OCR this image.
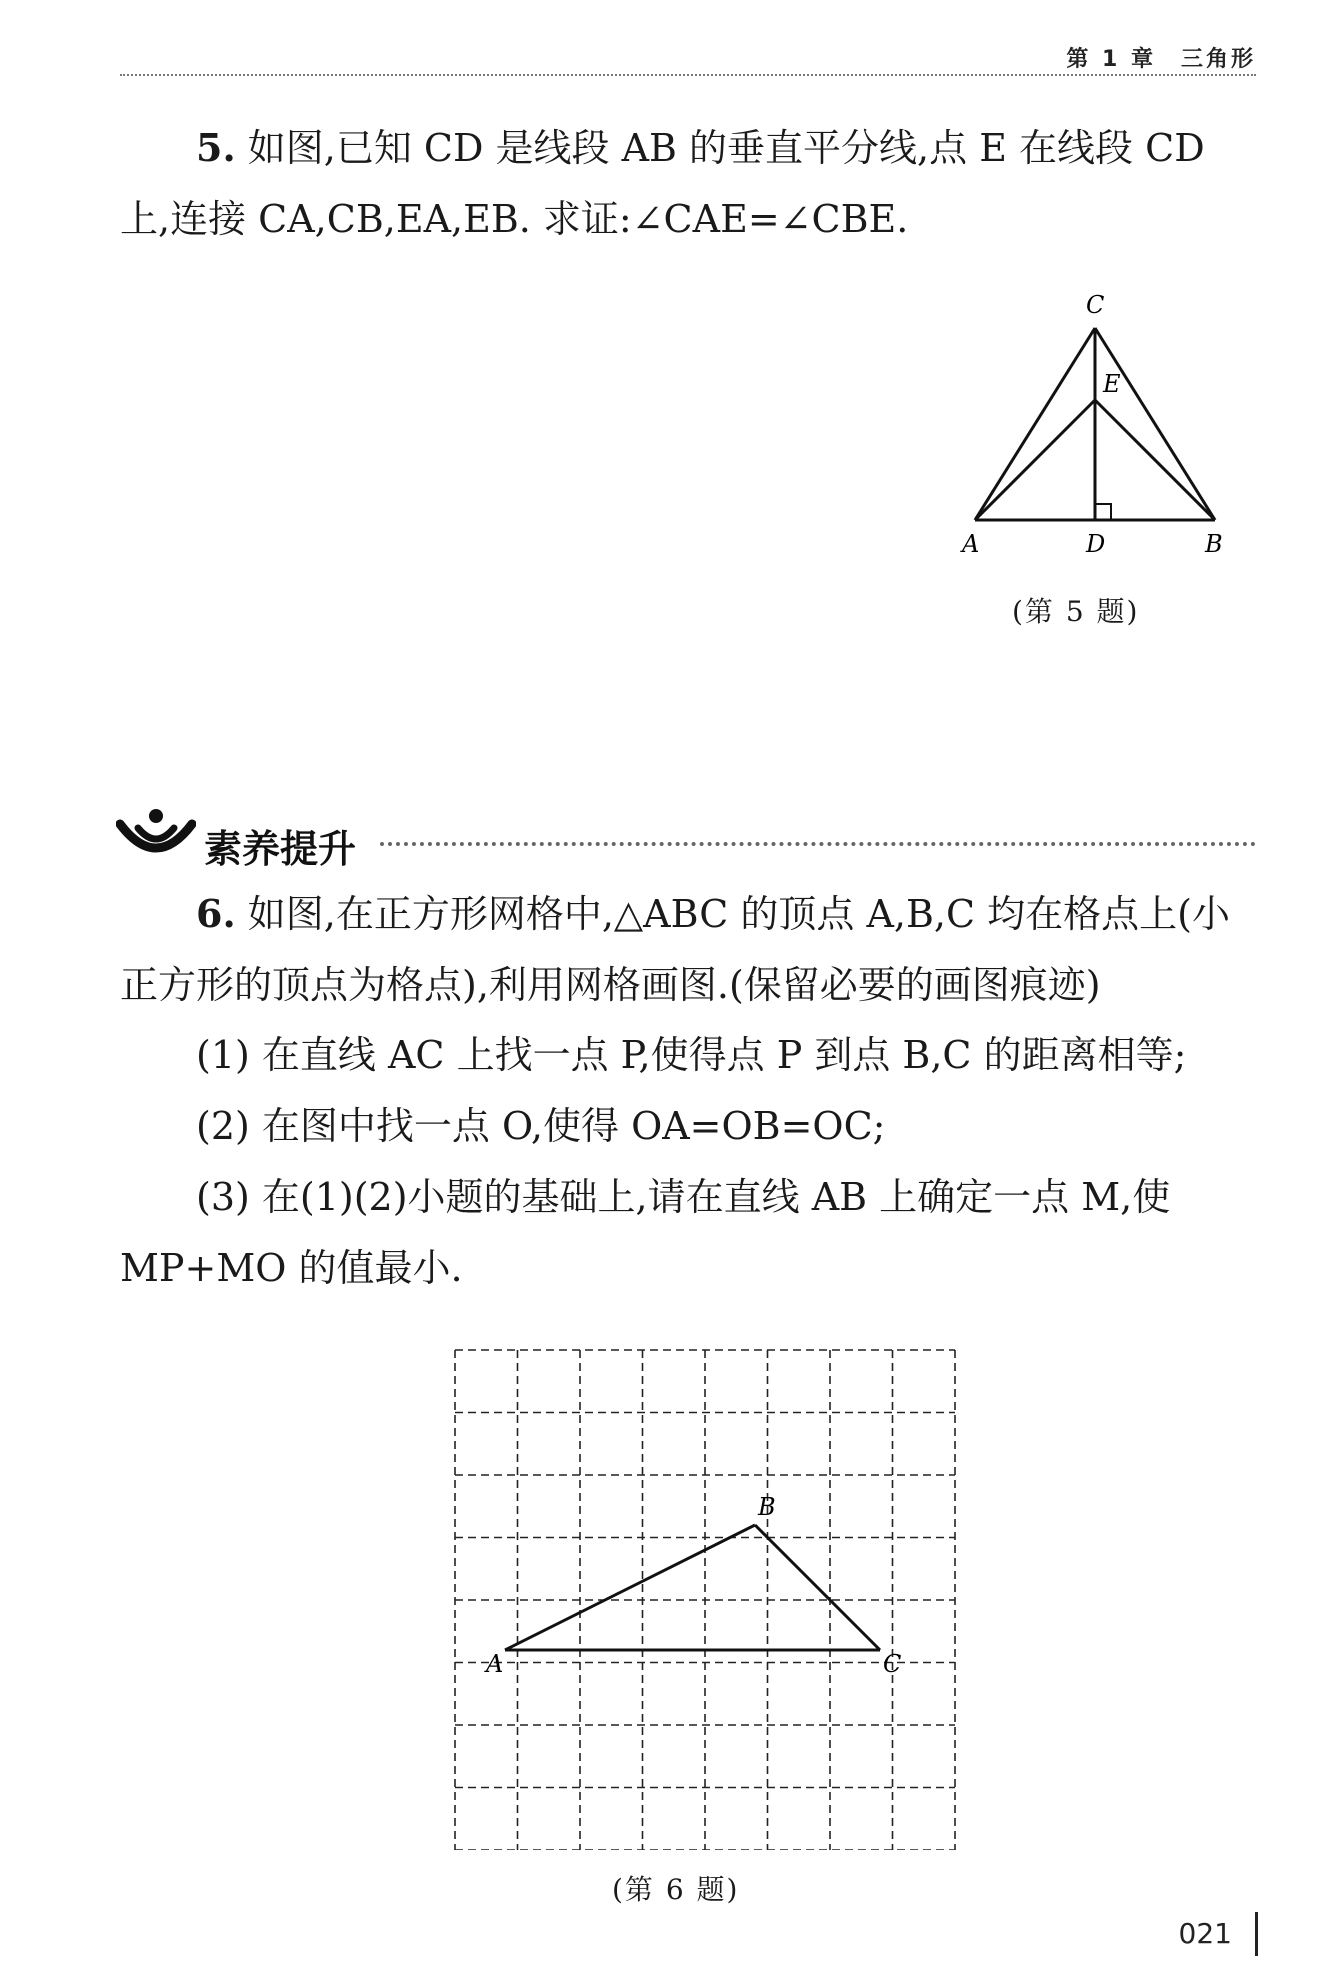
第 1 章　三角形

5. 如图,已知 CD 是线段 AB 的垂直平分线,点 E 在线段 CD 上,连接 CA,CB,EA,EB. 求证:∠CAE=∠CBE.

C
E
A	D	B
(第 5 题)
素养提升

6. 如图,在正方形网格中,△ABC 的顶点 A,B,C 均在格点上(小正方形的顶点为格点),利用网格画图.(保留必要的画图痕迹)

(1) 在直线 AC 上找一点 P,使得点 P 到点 B,C 的距离相等;

(2) 在图中找一点 O,使得 OA=OB=OC;

(3) 在(1)(2)小题的基础上,请在直线 AB 上确定一点 M,使 MP+MO 的值最小.

A
B
C
(第 6 题)
021
